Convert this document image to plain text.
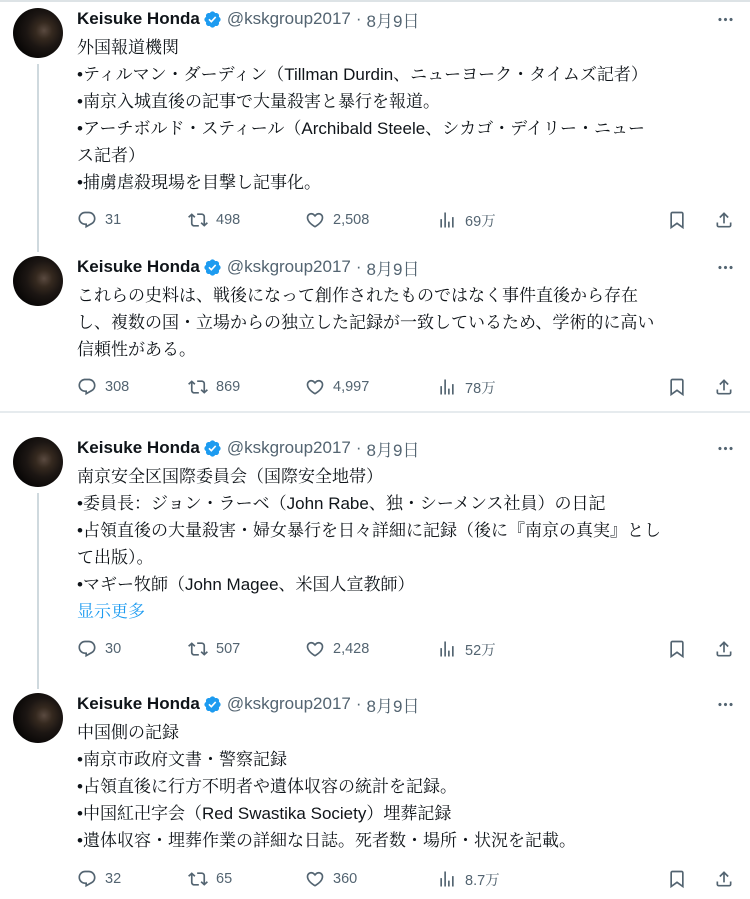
Keisuke Honda @kskgroup2017 · 8月9日
外国報道機関
•ティルマン・ダーディン（Tillman Durdin、ニューヨーク・タイムズ記者）
•南京入城直後の記事で大量殺害と暴行を報道。
•アーチボルド・スティール（Archibald Steele、シカゴ・デイリー・ニュー
ス記者）
•捕虜虐殺現場を目撃し記事化。
31	498	2,508	69万
Keisuke Honda @kskgroup2017 · 8月9日
これらの史料は、戦後になって創作されたものではなく事件直後から存在
し、複数の国・立場からの独立した記録が一致しているため、学術的に高い
信頼性がある。
308	869	4,997	78万
Keisuke Honda @kskgroup2017 · 8月9日
南京安全区国際委員会（国際安全地帯）
•委員長：ジョン・ラーベ（John Rabe、独・シーメンス社員）の日記
•占領直後の大量殺害・婦女暴行を日々詳細に記録（後に『南京の真実』とし
て出版）。
•マギー牧師（John Magee、米国人宣教師）
显示更多
30	507	2,428	52万
Keisuke Honda @kskgroup2017 · 8月9日
中国側の記録
•南京市政府文書・警察記録
•占領直後に行方不明者や遺体収容の統計を記録。
•中国紅卍字会（Red Swastika Society）埋葬記録
•遺体収容・埋葬作業の詳細な日誌。死者数・場所・状況を記載。
32	65	360	8.7万
